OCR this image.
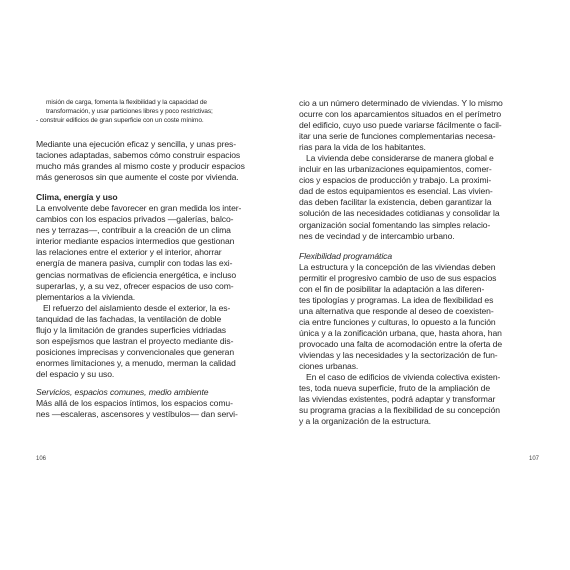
misión de carga, fomenta la flexibilidad y la capacidad de
transformación, y usar particiones libres y poco restrictivas;
- construir edificios de gran superficie con un coste mínimo.
Mediante una ejecución eficaz y sencilla, y unas pres-
taciones adaptadas, sabemos cómo construir espacios
mucho más grandes al mismo coste y producir espacios
más generosos sin que aumente el coste por vivienda.
Clima, energía y uso
La envolvente debe favorecer en gran medida los inter-
cambios con los espacios privados —galerías, balco-
nes y terrazas—, contribuir a la creación de un clima
interior mediante espacios intermedios que gestionan
las relaciones entre el exterior y el interior, ahorrar
energía de manera pasiva, cumplir con todas las exi-
gencias normativas de eficiencia energética, e incluso
superarlas, y, a su vez, ofrecer espacios de uso com-
plementarios a la vivienda.
El refuerzo del aislamiento desde el exterior, la es-
tanquidad de las fachadas, la ventilación de doble
flujo y la limitación de grandes superficies vidriadas
son espejismos que lastran el proyecto mediante dis-
posiciones imprecisas y convencionales que generan
enormes limitaciones y, a menudo, merman la calidad
del espacio y su uso.
Servicios, espacios comunes, medio ambiente
Más allá de los espacios íntimos, los espacios comu-
nes —escaleras, ascensores y vestíbulos— dan servi-
106
cio a un número determinado de viviendas. Y lo mismo
ocurre con los aparcamientos situados en el perímetro
del edificio, cuyo uso puede variarse fácilmente o facil-
itar una serie de funciones complementarias necesa-
rias para la vida de los habitantes.
La vivienda debe considerarse de manera global e
incluir en las urbanizaciones equipamientos, comer-
cios y espacios de producción y trabajo. La proximi-
dad de estos equipamientos es esencial. Las vivien-
das deben facilitar la existencia, deben garantizar la
solución de las necesidades cotidianas y consolidar la
organización social fomentando las simples relacio-
nes de vecindad y de intercambio urbano.
Flexibilidad programática
La estructura y la concepción de las viviendas deben
permitir el progresivo cambio de uso de sus espacios
con el fin de posibilitar la adaptación a las diferen-
tes tipologías y programas. La idea de flexibilidad es
una alternativa que responde al deseo de coexisten-
cia entre funciones y culturas, lo opuesto a la función
única y a la zonificación urbana, que, hasta ahora, han
provocado una falta de acomodación entre la oferta de
viviendas y las necesidades y la sectorización de fun-
ciones urbanas.
En el caso de edificios de vivienda colectiva existen-
tes, toda nueva superficie, fruto de la ampliación de
las viviendas existentes, podrá adaptar y transformar
su programa gracias a la flexibilidad de su concepción
y a la organización de la estructura.
107
